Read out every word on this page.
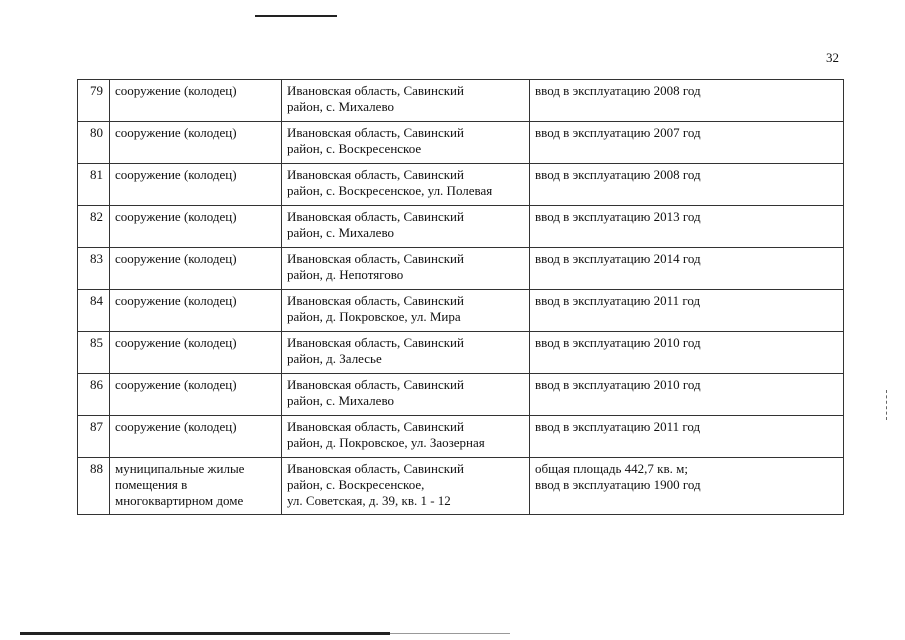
32
79	сооружение (колодец)	Ивановская область, Савинский
район, с. Михалево	ввод в эксплуатацию 2008 год

80	сооружение (колодец)	Ивановская область, Савинский
район, с. Воскресенское	ввод в эксплуатацию 2007 год

81	сооружение (колодец)	Ивановская область, Савинский
район, с. Воскресенское, ул. Полевая	ввод в эксплуатацию 2008 год

82	сооружение (колодец)	Ивановская область, Савинский
район, с. Михалево	ввод в эксплуатацию 2013 год

83	сооружение (колодец)	Ивановская область, Савинский
район, д. Непотягово	ввод в эксплуатацию 2014 год

84	сооружение (колодец)	Ивановская область, Савинский
район, д. Покровское, ул. Мира	ввод в эксплуатацию 2011 год

85	сооружение (колодец)	Ивановская область, Савинский
район, д. Залесье	ввод в эксплуатацию 2010 год

86	сооружение (колодец)	Ивановская область, Савинский
район, с. Михалево	ввод в эксплуатацию 2010 год

87	сооружение (колодец)	Ивановская область, Савинский
район, д. Покровское, ул. Заозерная	ввод в эксплуатацию 2011 год

88	муниципальные жилые помещения в многоквартирном доме	Ивановская область, Савинский
район, с. Воскресенское,
ул. Советская, д. 39, кв. 1 - 12	общая площадь 442,7 кв. м;
ввод в эксплуатацию 1900 год
